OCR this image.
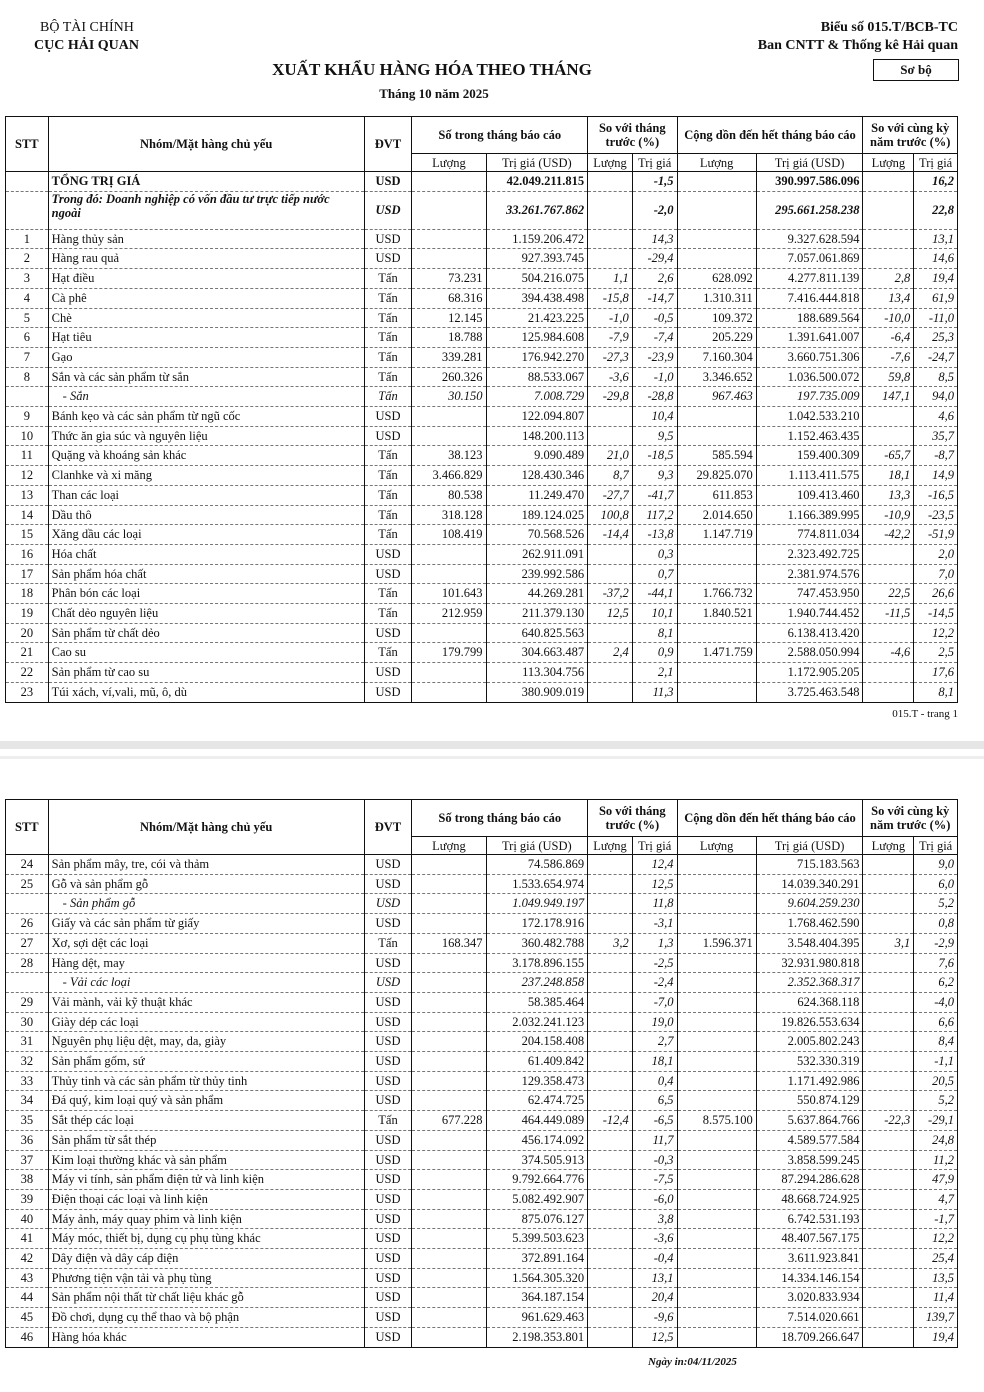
BỘ TÀI CHÍNH
CỤC HẢI QUAN
Biểu số 015.T/BCB-TC
Ban CNTT & Thống kê Hải quan
XUẤT KHẨU HÀNG HÓA THEO THÁNG
Tháng 10 năm 2025
Sơ bộ
STT	Nhóm/Mặt hàng chủ yếu	ĐVT	Số trong tháng báo cáo		So với tháng trước (%)		Cộng dồn đến hết tháng báo cáo		So với cùng kỳ năm trước (%)	
			Lượng	Trị giá (USD)	Lượng	Trị giá	Lượng	Trị giá (USD)	Lượng	Trị giá
	TỔNG TRỊ GIÁ	USD		42.049.211.815		-1,5		390.997.586.096		16,2
	Trong đó: Doanh nghiệp có vốn đầu tư trực tiếp nước ngoài	USD		33.261.767.862		-2,0		295.661.258.238		22,8
1	Hàng thủy sản	USD		1.159.206.472		14,3		9.327.628.594		13,1
2	Hàng rau quả	USD		927.393.745		-29,4		7.057.061.869		14,6
3	Hạt điều	Tấn	73.231	504.216.075	1,1	2,6	628.092	4.277.811.139	2,8	19,4
4	Cà phê	Tấn	68.316	394.438.498	-15,8	-14,7	1.310.311	7.416.444.818	13,4	61,9
5	Chè	Tấn	12.145	21.423.225	-1,0	-0,5	109.372	188.689.564	-10,0	-11,0
6	Hạt tiêu	Tấn	18.788	125.984.608	-7,9	-7,4	205.229	1.391.641.007	-6,4	25,3
7	Gạo	Tấn	339.281	176.942.270	-27,3	-23,9	7.160.304	3.660.751.306	-7,6	-24,7
8	Sắn và các sản phẩm từ sắn	Tấn	260.326	88.533.067	-3,6	-1,0	3.346.652	1.036.500.072	59,8	8,5
	- Sắn	Tấn	30.150	7.008.729	-29,8	-28,8	967.463	197.735.009	147,1	94,0
9	Bánh kẹo và các sản phẩm từ ngũ cốc	USD		122.094.807		10,4		1.042.533.210		4,6
10	Thức ăn gia súc và nguyên liệu	USD		148.200.113		9,5		1.152.463.435		35,7
11	Quặng và khoáng sản khác	Tấn	38.123	9.090.489	21,0	-18,5	585.594	159.400.309	-65,7	-8,7
12	Clanhke và xi măng	Tấn	3.466.829	128.430.346	8,7	9,3	29.825.070	1.113.411.575	18,1	14,9
13	Than các loại	Tấn	80.538	11.249.470	-27,7	-41,7	611.853	109.413.460	13,3	-16,5
14	Dầu thô	Tấn	318.128	189.124.025	100,8	117,2	2.014.650	1.166.389.995	-10,9	-23,5
15	Xăng dầu các loại	Tấn	108.419	70.568.526	-14,4	-13,8	1.147.719	774.811.034	-42,2	-51,9
16	Hóa chất	USD		262.911.091		0,3		2.323.492.725		2,0
17	Sản phẩm hóa chất	USD		239.992.586		0,7		2.381.974.576		7,0
18	Phân bón các loại	Tấn	101.643	44.269.281	-37,2	-44,1	1.766.732	747.453.950	22,5	26,6
19	Chất dẻo nguyên liệu	Tấn	212.959	211.379.130	12,5	10,1	1.840.521	1.940.744.452	-11,5	-14,5
20	Sản phẩm từ chất dẻo	USD		640.825.563		8,1		6.138.413.420		12,2
21	Cao su	Tấn	179.799	304.663.487	2,4	0,9	1.471.759	2.588.050.994	-4,6	2,5
22	Sản phẩm từ cao su	USD		113.304.756		2,1		1.172.905.205		17,6
23	Túi xách, ví,vali, mũ, ô, dù	USD		380.909.019		11,3		3.725.463.548		8,1
015.T - trang 1
STT	Nhóm/Mặt hàng chủ yếu	ĐVT	Số trong tháng báo cáo		So với tháng trước (%)		Cộng dồn đến hết tháng báo cáo		So với cùng kỳ năm trước (%)	
			Lượng	Trị giá (USD)	Lượng	Trị giá	Lượng	Trị giá (USD)	Lượng	Trị giá
24	Sản phẩm mây, tre, cói và thảm	USD		74.586.869		12,4		715.183.563		9,0
25	Gỗ và sản phẩm gỗ	USD		1.533.654.974		12,5		14.039.340.291		6,0
	- Sản phẩm gỗ	USD		1.049.949.197		11,8		9.604.259.230		5,2
26	Giấy và các sản phẩm từ giấy	USD		172.178.916		-3,1		1.768.462.590		0,8
27	Xơ, sợi dệt các loại	Tấn	168.347	360.482.788	3,2	1,3	1.596.371	3.548.404.395	3,1	-2,9
28	Hàng dệt, may	USD		3.178.896.155		-2,5		32.931.980.818		7,6
	- Vải các loại	USD		237.248.858		-2,4		2.352.368.317		6,2
29	Vải mành, vải kỹ thuật khác	USD		58.385.464		-7,0		624.368.118		-4,0
30	Giày dép các loại	USD		2.032.241.123		19,0		19.826.553.634		6,6
31	Nguyên phụ liệu dệt, may, da, giày	USD		204.158.408		2,7		2.005.802.243		8,4
32	Sản phẩm gốm, sứ	USD		61.409.842		18,1		532.330.319		-1,1
33	Thủy tinh và các sản phẩm từ thủy tinh	USD		129.358.473		0,4		1.171.492.986		20,5
34	Đá quý, kim loại quý và sản phẩm	USD		62.474.725		6,5		550.874.129		5,2
35	Sắt thép các loại	Tấn	677.228	464.449.089	-12,4	-6,5	8.575.100	5.637.864.766	-22,3	-29,1
36	Sản phẩm từ sắt thép	USD		456.174.092		11,7		4.589.577.584		24,8
37	Kim loại thường khác và sản phẩm	USD		374.505.913		-0,3		3.858.599.245		11,2
38	Máy vi tính, sản phẩm điện tử và linh kiện	USD		9.792.664.776		-7,5		87.294.286.628		47,9
39	Điện thoại các loại và linh kiện	USD		5.082.492.907		-6,0		48.668.724.925		4,7
40	Máy ảnh, máy quay phim và linh kiện	USD		875.076.127		3,8		6.742.531.193		-1,7
41	Máy móc, thiết bị, dụng cụ phụ tùng khác	USD		5.399.503.623		-3,6		48.407.567.175		12,2
42	Dây điện và dây cáp điện	USD		372.891.164		-0,4		3.611.923.841		25,4
43	Phương tiện vận tải và phụ tùng	USD		1.564.305.320		13,1		14.334.146.154		13,5
44	Sản phẩm nội thất từ chất liệu khác gỗ	USD		364.187.154		20,4		3.020.833.934		11,4
45	Đồ chơi, dụng cụ thể thao và bộ phận	USD		961.629.463		-9,6		7.514.020.661		139,7
46	Hàng hóa khác	USD		2.198.353.801		12,5		18.709.266.647		19,4
Ngày in:04/11/2025
